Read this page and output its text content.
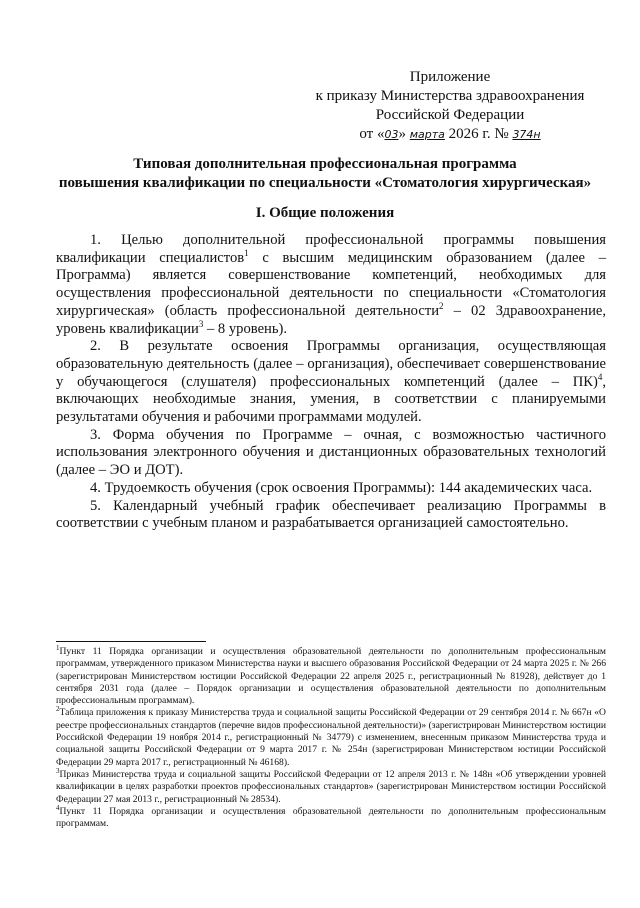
Приложение
к приказу Министерства здравоохранения
Российской Федерации
от «03» марта 2026 г. № 374н
Типовая дополнительная профессиональная программа
повышения квалификации по специальности «Стоматология хирургическая»
I. Общие положения

1. Целью дополнительной профессиональной программы повышения квалификации специалистов$^1$ с высшим медицинским образованием (далее – Программа) является совершенствование компетенций, необходимых для осуществления профессиональной деятельности по специальности «Стоматология хирургическая» (область профессиональной деятельности$^2$ – 02 Здравоохранение, уровень квалификации$^3$ – 8 уровень).

2. В результате освоения Программы организация, осуществляющая образовательную деятельность (далее – организация), обеспечивает совершенствование у обучающегося (слушателя) профессиональных компетенций (далее – ПК)$^4$, включающих необходимые знания, умения, в соответствии с планируемыми результатами обучения и рабочими программами модулей.

3. Форма обучения по Программе – очная, с возможностью частичного использования электронного обучения и дистанционных образовательных технологий (далее – ЭО и ДОТ).

4. Трудоемкость обучения (срок освоения Программы): 144 академических часа.

5. Календарный учебный график обеспечивает реализацию Программы в соответствии с учебным планом и разрабатывается организацией самостоятельно.

$^1$Пункт 11 Порядка организации и осуществления образовательной деятельности по дополнительным профессиональным программам, утвержденного приказом Министерства науки и высшего образования Российской Федерации от 24 марта 2025 г. № 266 (зарегистрирован Министерством юстиции Российской Федерации 22 апреля 2025 г., регистрационный № 81928), действует до 1 сентября 2031 года (далее – Порядок организации и осуществления образовательной деятельности по дополнительным профессиональным программам).

$^2$Таблица приложения к приказу Министерства труда и социальной защиты Российской Федерации от 29 сентября 2014 г. № 667н «О реестре профессиональных стандартов (перечне видов профессиональной деятельности)» (зарегистрирован Министерством юстиции Российской Федерации 19 ноября 2014 г., регистрационный № 34779) с изменением, внесенным приказом Министерства труда и социальной защиты Российской Федерации от 9 марта 2017 г. № 254н (зарегистрирован Министерством юстиции Российской Федерации 29 марта 2017 г., регистрационный № 46168).

$^3$Приказ Министерства труда и социальной защиты Российской Федерации от 12 апреля 2013 г. № 148н «Об утверждении уровней квалификации в целях разработки проектов профессиональных стандартов» (зарегистрирован Министерством юстиции Российской Федерации 27 мая 2013 г., регистрационный № 28534).

$^4$Пункт 11 Порядка организации и осуществления образовательной деятельности по дополнительным профессиональным программам.
